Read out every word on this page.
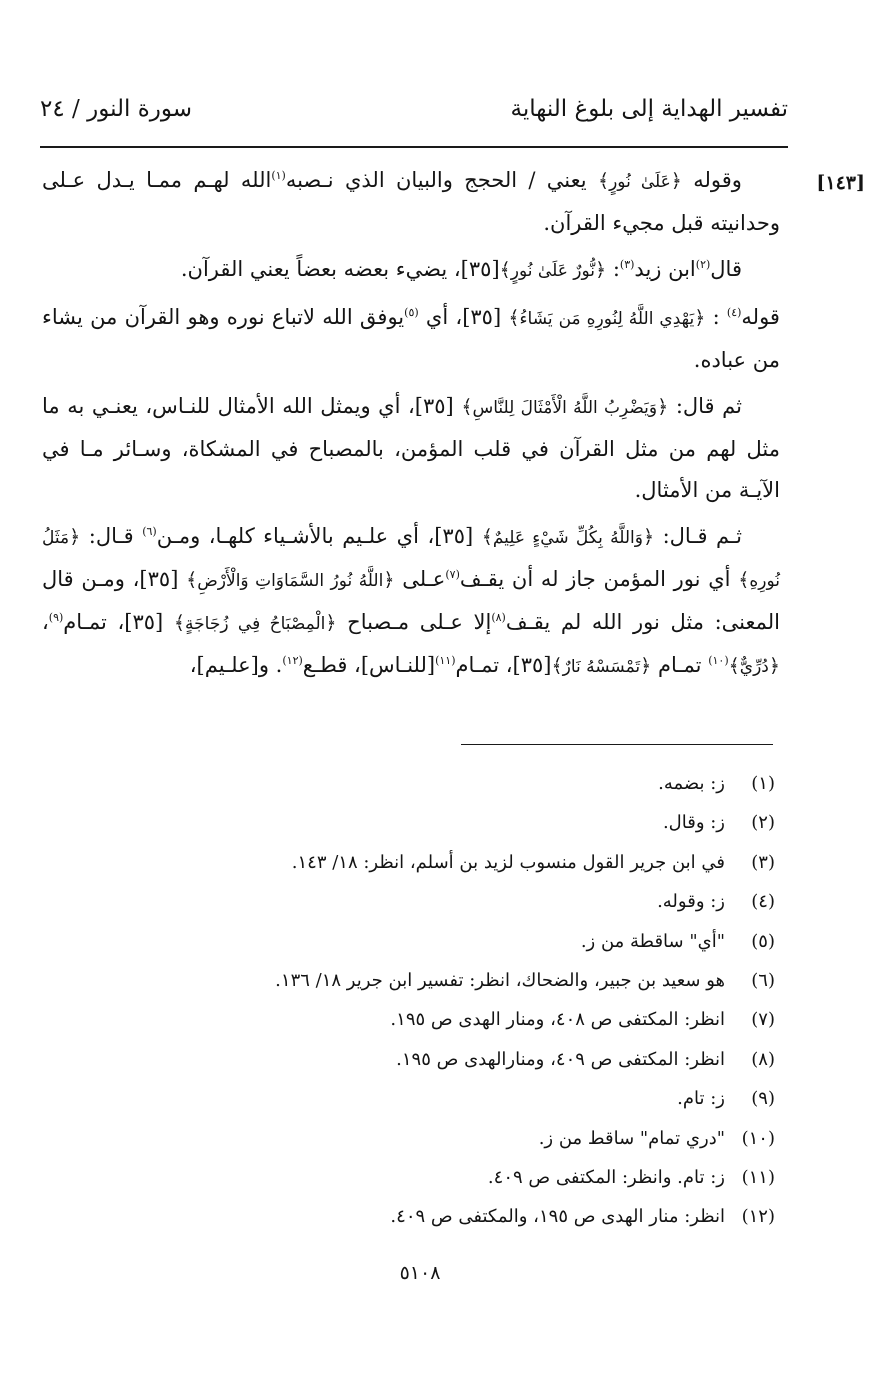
تفسير الهداية إلى بلوغ النهاية
سورة النور / ٢٤
[١٤٣]

وقوله ﴿عَلَىٰ نُورٍ﴾ يعني / الحجج والبيان الذي نـصبه$^{(١)}$الله لهـم ممـا يـدل عـلى وحدانيته قبل مجيء القرآن.

قال$^{(٢)}$ابن زيد$^{(٣)}$: ﴿نُّورٌ عَلَىٰ نُورٍ﴾[٣٥]، يضيء بعضه بعضاً يعني القرآن.

قوله$^{(٤)}$ : ﴿يَهْدِي اللَّهُ لِنُورِهِ مَن يَشَاءُ﴾ [٣٥]، أي $^{(٥)}$يوفق الله لاتباع نوره وهو القرآن من يشاء من عباده.

ثم قال: ﴿وَيَضْرِبُ اللَّهُ الْأَمْثَالَ لِلنَّاسِ﴾ [٣٥]، أي ويمثل الله الأمثال للنـاس، يعنـي به ما مثل لهم من مثل القرآن في قلب المؤمن، بالمصباح في المشكاة، وسـائر مـا في الآيـة من الأمثال.

ثـم قـال: ﴿وَاللَّهُ بِكُلِّ شَيْءٍ عَلِيمٌ﴾ [٣٥]، أي علـيم بالأشـياء كلهـا، ومـن$^{(٦)}$ قـال: ﴿مَثَلُ نُورِهِ﴾ أي نور المؤمن جاز له أن يقـف$^{(٧)}$عـلى ﴿اللَّهُ نُورُ السَّمَاوَاتِ وَالْأَرْضِ﴾ [٣٥]، ومـن قال المعنى: مثل نور الله لم يقـف$^{(٨)}$إلا عـلى مـصباح ﴿الْمِصْبَاحُ فِي زُجَاجَةٍ﴾ [٣٥]، تمـام$^{(٩)}$، ﴿دُرِّيٌّ﴾$^{(١٠)}$ تمـام ﴿تَمْسَسْهُ نَارٌ﴾[٣٥]، تمـام$^{(١١)}$[للنـاس]، قطـع$^{(١٢)}$. و[علـيم]،

(١)ز: بضمه.
(٢)ز: وقال.
(٣)في ابن جرير القول منسوب لزيد بن أسلم، انظر: ١٨/ ١٤٣.
(٤)ز: وقوله.
(٥)"أي" ساقطة من ز.
(٦)هو سعيد بن جبير، والضحاك، انظر: تفسير ابن جرير ١٨/ ١٣٦.
(٧)انظر: المكتفى ص ٤٠٨، ومنار الهدى ص ١٩٥.
(٨)انظر: المكتفى ص ٤٠٩، ومنارالهدى ص ١٩٥.
(٩)ز: تام.
(١٠)"دري تمام" ساقط من ز.
(١١)ز: تام. وانظر: المكتفى ص ٤٠٩.
(١٢)انظر: منار الهدى ص ١٩٥، والمكتفى ص ٤٠٩.
٥١٠٨
